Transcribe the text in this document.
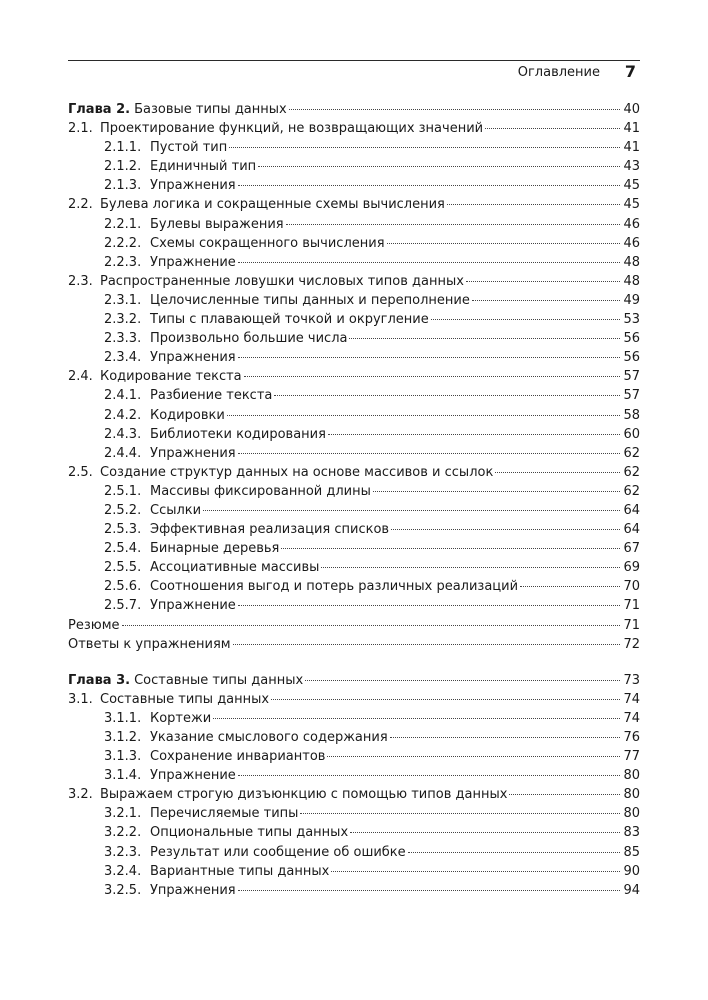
Оглавление 7
Глава 2. Базовые типы данных	40
2.1. Проектирование функций, не возвращающих значений	41
2.1.1. Пустой тип	41
2.1.2. Единичный тип	43
2.1.3. Упражнения	45
2.2. Булева логика и сокращенные схемы вычисления	45
2.2.1. Булевы выражения	46
2.2.2. Схемы сокращенного вычисления	46
2.2.3. Упражнение	48
2.3. Распространенные ловушки числовых типов данных	48
2.3.1. Целочисленные типы данных и переполнение	49
2.3.2. Типы с плавающей точкой и округление	53
2.3.3. Произвольно большие числа	56
2.3.4. Упражнения	56
2.4. Кодирование текста	57
2.4.1. Разбиение текста	57
2.4.2. Кодировки	58
2.4.3. Библиотеки кодирования	60
2.4.4. Упражнения	62
2.5. Создание структур данных на основе массивов и ссылок	62
2.5.1. Массивы фиксированной длины	62
2.5.2. Ссылки	64
2.5.3. Эффективная реализация списков	64
2.5.4. Бинарные деревья	67
2.5.5. Ассоциативные массивы	69
2.5.6. Соотношения выгод и потерь различных реализаций	70
2.5.7. Упражнение	71
Резюме	71
Ответы к упражнениям	72
Глава 3. Составные типы данных	73
3.1. Составные типы данных	74
3.1.1. Кортежи	74
3.1.2. Указание смыслового содержания	76
3.1.3. Сохранение инвариантов	77
3.1.4. Упражнение	80
3.2. Выражаем строгую дизъюнкцию с помощью типов данных	80
3.2.1. Перечисляемые типы	80
3.2.2. Опциональные типы данных	83
3.2.3. Результат или сообщение об ошибке	85
3.2.4. Вариантные типы данных	90
3.2.5. Упражнения	94
